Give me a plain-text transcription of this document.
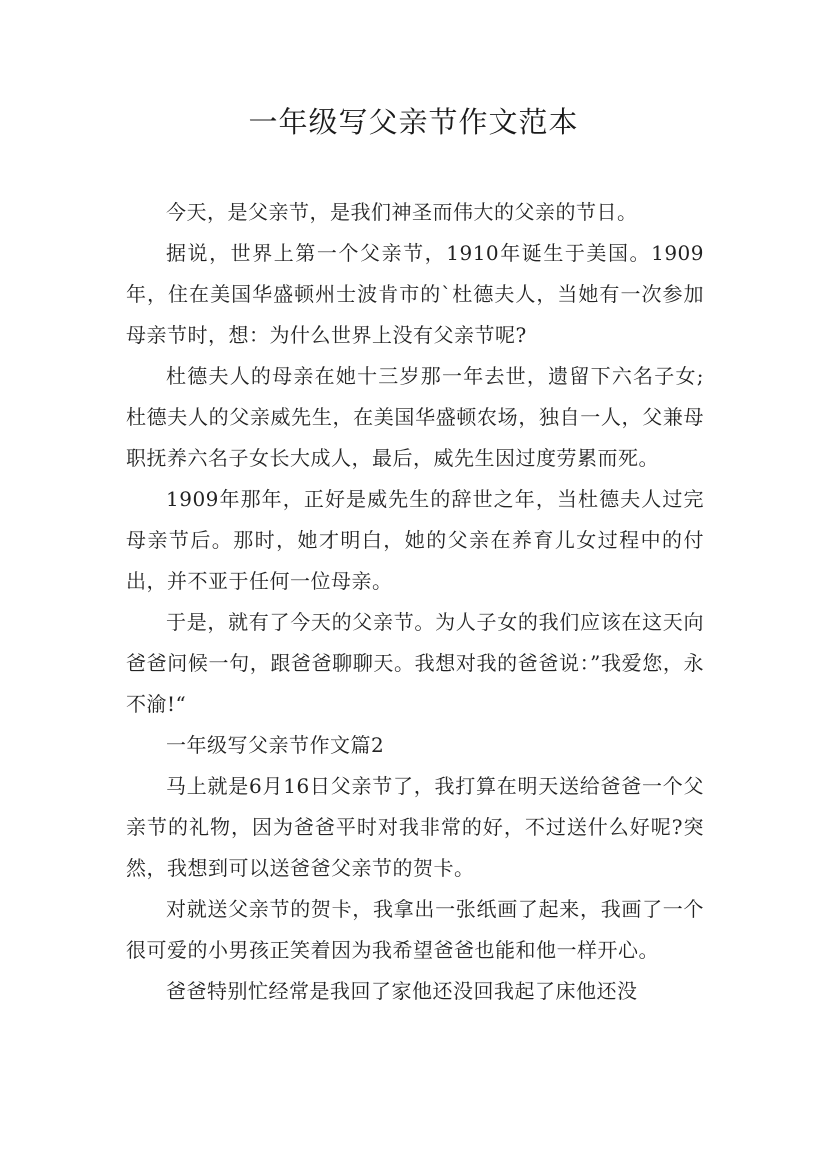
一年级写父亲节作文范本

今天，是父亲节，是我们神圣而伟大的父亲的节日。

据说，世界上第一个父亲节，1910年诞生于美国。1909年，住在美国华盛顿州士波肯市的`杜德夫人，当她有一次参加母亲节时，想：为什么世界上没有父亲节呢?

杜德夫人的母亲在她十三岁那一年去世，遗留下六名子女;杜德夫人的父亲威先生，在美国华盛顿农场，独自一人，父兼母职抚养六名子女长大成人，最后，威先生因过度劳累而死。

1909年那年，正好是威先生的辞世之年，当杜德夫人过完母亲节后。那时，她才明白，她的父亲在养育儿女过程中的付出，并不亚于任何一位母亲。

于是，就有了今天的父亲节。为人子女的我们应该在这天向爸爸问候一句，跟爸爸聊聊天。我想对我的爸爸说：”我爱您，永不渝!“

一年级写父亲节作文篇2

马上就是6月16日父亲节了，我打算在明天送给爸爸一个父亲节的礼物，因为爸爸平时对我非常的好，不过送什么好呢?突然，我想到可以送爸爸父亲节的贺卡。

对就送父亲节的贺卡，我拿出一张纸画了起来，我画了一个很可爱的小男孩正笑着因为我希望爸爸也能和他一样开心。

爸爸特别忙经常是我回了家他还没回我起了床他还没
